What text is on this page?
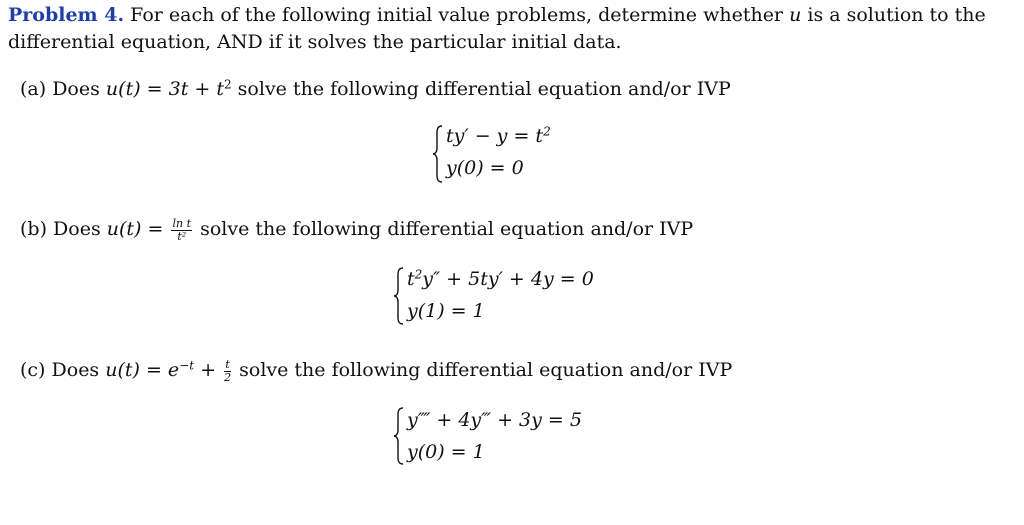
Problem 4. For each of the following initial value problems, determine whether u is a solution to the
differential equation, AND if it solves the particular initial data.
(a) Does $u(t) = 3t + t^2$ solve the following differential equation and/or IVP
$ty' - y = t^2$
y(0) = 0
(b) Does $u(t) = \frac{\text{ln t}}{\text{t²}}$ solve the following differential equation and/or IVP
$t^2y'' + 5ty' + 4y = 0$
y(1) = 1
(c) Does $u(t) = e^{-t} + \frac{t}{2}$ solve the following differential equation and/or IVP
y⁗ + 4y‴ + 3y = 5
y(0) = 1
